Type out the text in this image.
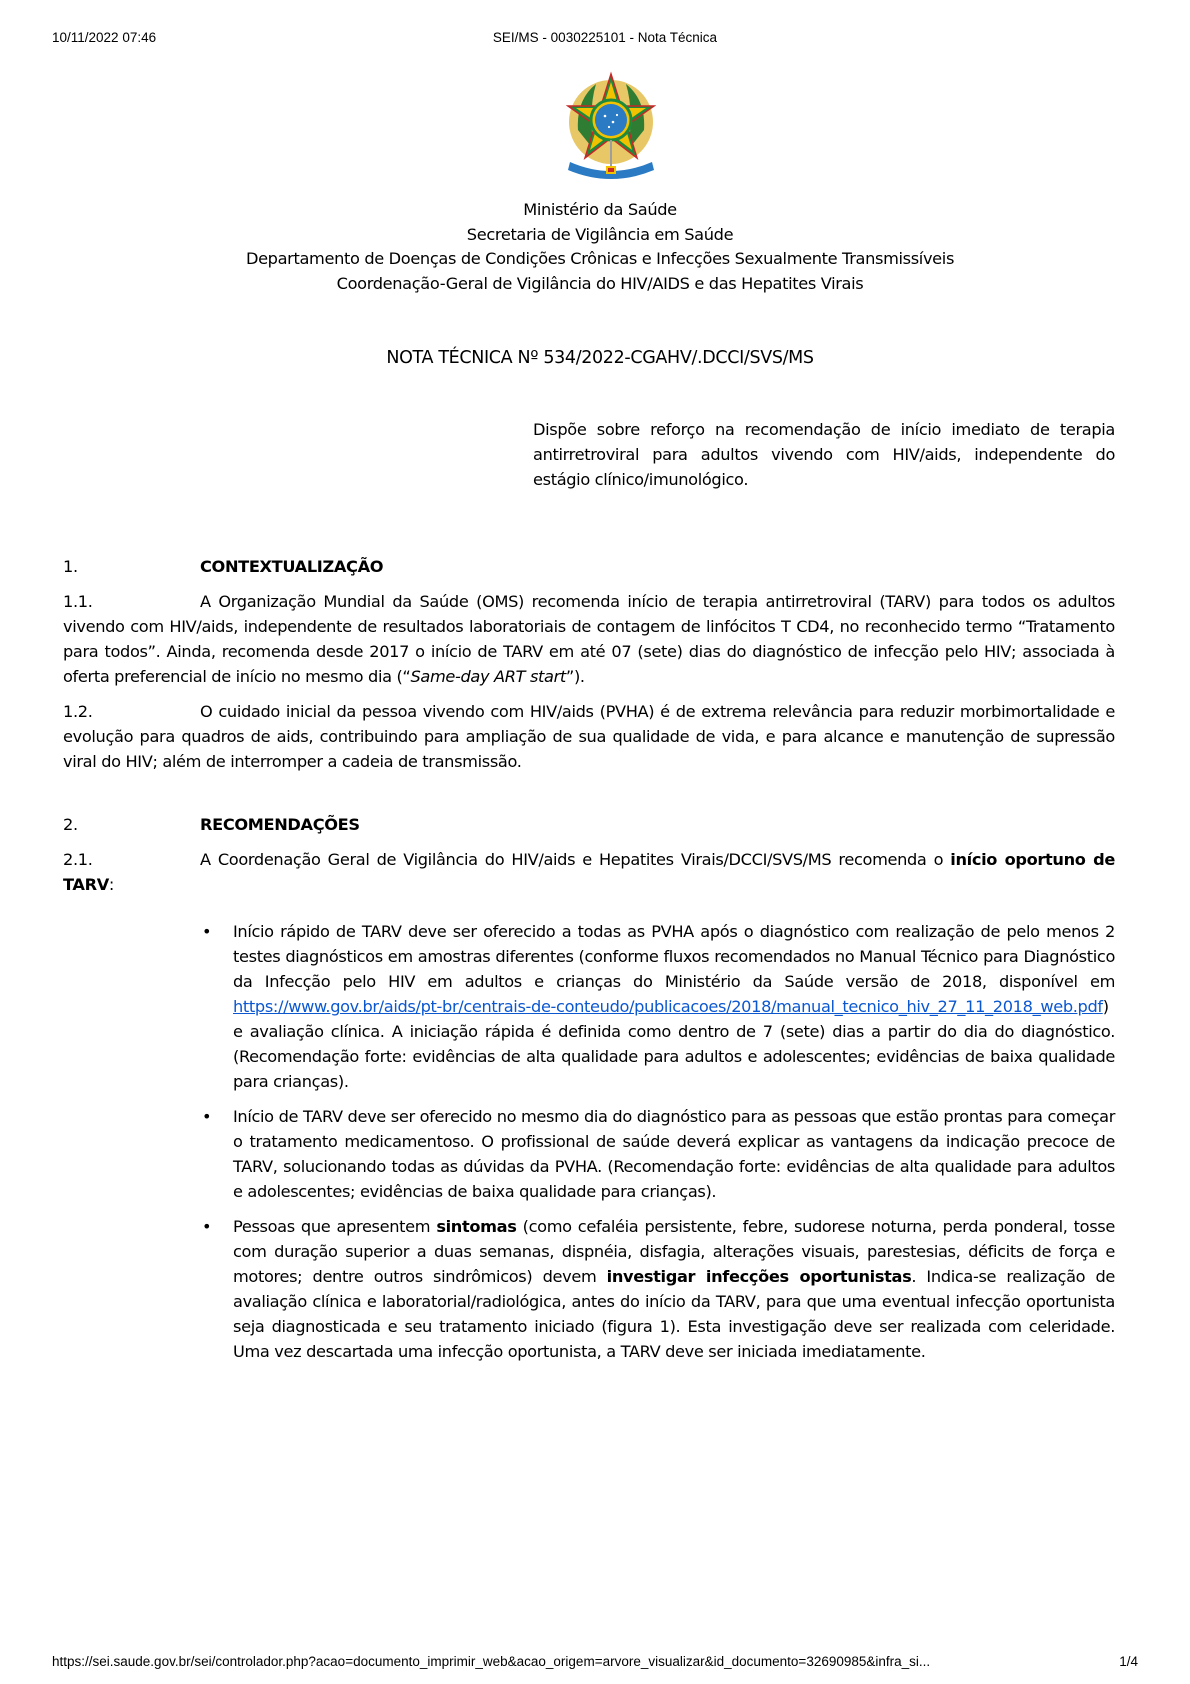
10/11/2022 07:46	SEI/MS - 0030225101 - Nota Técnica
Ministério da Saúde
Secretaria de Vigilância em Saúde
Departamento de Doenças de Condições Crônicas e Infecções Sexualmente Transmissíveis
Coordenação-Geral de Vigilância do HIV/AIDS e das Hepatites Virais
NOTA TÉCNICA Nº 534/2022-CGAHV/.DCCI/SVS/MS
Dispõe sobre reforço na recomendação de início imediato de terapia antirretroviral para adultos vivendo com HIV/aids, independente do estágio clínico/imunológico.
1.	CONTEXTUALIZAÇÃO
1.1.	A Organização Mundial da Saúde (OMS) recomenda início de terapia antirretroviral (TARV) para todos os adultos vivendo com HIV/aids, independente de resultados laboratoriais de contagem de linfócitos T CD4, no reconhecido termo “Tratamento para todos”. Ainda, recomenda desde 2017 o início de TARV em até 07 (sete) dias do diagnóstico de infecção pelo HIV; associada à oferta preferencial de início no mesmo dia (“Same-day ART start”).
1.2.	O cuidado inicial da pessoa vivendo com HIV/aids (PVHA) é de extrema relevância para reduzir morbimortalidade e evolução para quadros de aids, contribuindo para ampliação de sua qualidade de vida, e para alcance e manutenção de supressão viral do HIV; além de interromper a cadeia de transmissão.
2.	RECOMENDAÇÕES
2.1.	A Coordenação Geral de Vigilância do HIV/aids e Hepatites Virais/DCCI/SVS/MS recomenda o início oportuno de TARV:
• Início rápido de TARV deve ser oferecido a todas as PVHA após o diagnóstico com realização de pelo menos 2 testes diagnósticos em amostras diferentes (conforme fluxos recomendados no Manual Técnico para Diagnóstico da Infecção pelo HIV em adultos e crianças do Ministério da Saúde versão de 2018, disponível em https://www.gov.br/aids/pt-br/centrais-de-conteudo/publicacoes/2018/manual_tecnico_hiv_27_11_2018_web.pdf) e avaliação clínica. A iniciação rápida é definida como dentro de 7 (sete) dias a partir do dia do diagnóstico. (Recomendação forte: evidências de alta qualidade para adultos e adolescentes; evidências de baixa qualidade para crianças).
• Início de TARV deve ser oferecido no mesmo dia do diagnóstico para as pessoas que estão prontas para começar o tratamento medicamentoso. O profissional de saúde deverá explicar as vantagens da indicação precoce de TARV, solucionando todas as dúvidas da PVHA. (Recomendação forte: evidências de alta qualidade para adultos e adolescentes; evidências de baixa qualidade para crianças).
• Pessoas que apresentem sintomas (como cefaléia persistente, febre, sudorese noturna, perda ponderal, tosse com duração superior a duas semanas, dispnéia, disfagia, alterações visuais, parestesias, déficits de força e motores; dentre outros sindrômicos) devem investigar infecções oportunistas. Indica-se realização de avaliação clínica e laboratorial/radiológica, antes do início da TARV, para que uma eventual infecção oportunista seja diagnosticada e seu tratamento iniciado (figura 1). Esta investigação deve ser realizada com celeridade. Uma vez descartada uma infecção oportunista, a TARV deve ser iniciada imediatamente.
https://sei.saude.gov.br/sei/controlador.php?acao=documento_imprimir_web&acao_origem=arvore_visualizar&id_documento=32690985&infra_si...	1/4
